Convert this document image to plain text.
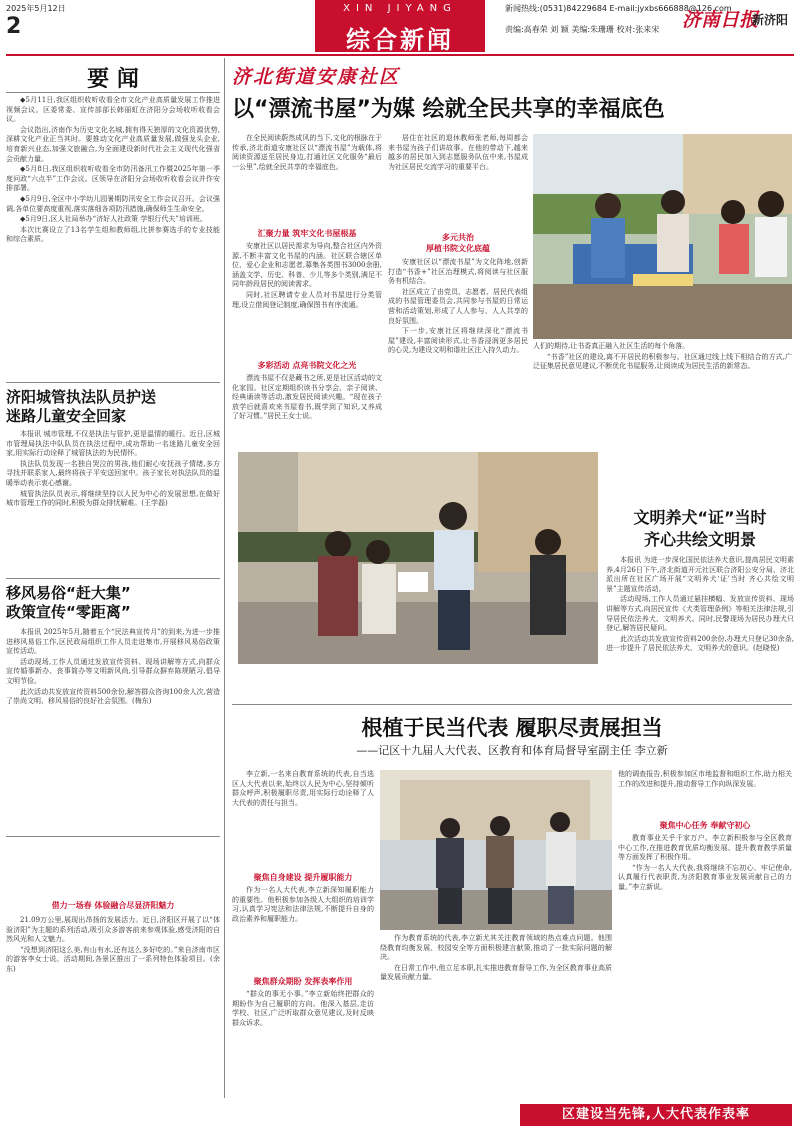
2025年5月12日
2
XIN JIYANG
综合新闻
新闻热线:(0531)84229684 E-mail:jyxbs666888@126.com
责编:高春荣 刘 颖 美编:朱珊珊 校对:张来宋 济南日报
新济阳
要 闻

◆5月11日,我区组织收听收看全市文化产业高质量发展工作推进视频会议。区委常委、宣传部部长韩丽虹在济阳分会场收听收看会议。

会议指出,济南作为历史文化名城,拥有得天独厚的文化资源优势,深耕文化产业正当其时。要推动文化产业高质量发展,做强龙头企业,培育新兴业态,加强文旅融合,为全面建设新时代社会主义现代化强省会贡献力量。

◆5月8日,我区组织收听收看全市防汛备汛工作暨2025年第一季度问政“六点半”工作会议。区领导在济阳分会场收听收看会议并作安排部署。

◆5月9日,全区中小学幼儿园暑期防汛安全工作会议召开。会议强调,各单位要高度重视,落实落细各项防汛措施,确保师生生命安全。

◆5月9日,区人社局举办“济好人社政策 学银行代夫”培训班。

本次比赛设立了13名学生组和教师组,比拼参赛选手的专业技能和综合素质。

济阳城管执法队员护送
迷路儿童安全回家

本报讯 城市管理,不仅是执法与管护,更是温情的暖行。近日,区城市管理局执法中队队员在执法过程中,成功帮助一名迷路儿童安全回家,用实际行动诠释了城管执法的为民情怀。

执法队员发现一名独自哭泣的男孩,他们耐心安抚孩子情绪,多方寻找并联系家人,最终将孩子平安送回家中。孩子家长对执法队员的温暖举动表示衷心感谢。

城管执法队员表示,将继续坚持以人民为中心的发展思想,在做好城市管理工作的同时,积极为群众排忧解难。(王学磊)

移风易俗“赶大集”
政策宣传“零距离”

本报讯 2025年5月,随着五个“民法典宣传月”的到来,为进一步推进移风易俗工作,区民政局组织工作人员走进集市,开展移风易俗政策宣传活动。

活动现场,工作人员通过发放宣传资料、现场讲解等方式,向群众宣传婚事新办、丧事简办等文明新风尚,引导群众摒弃陈规陋习,倡导文明节俭。

此次活动共发放宣传资料500余份,解答群众咨询100余人次,营造了崇尚文明、移风易俗的良好社会氛围。(梅东)

借力一场春 体验融合尽显济阳魅力

21.09万公里,展现出昂扬的发展活力。近日,济阳区开展了以“体验济阳”为主题的系列活动,吸引众多游客前来参观体验,感受济阳的自然风光和人文魅力。

“没想到济阳这么美,有山有水,还有这么多好吃的。”来自济南市区的游客李女士说。活动期间,各景区推出了一系列特色体验项目。(余东)

济北街道安康社区
以“漂流书屋”为媒 绘就全民共享的幸福底色

在全民阅读蔚然成风的当下,文化的根脉在于传承,济北街道安康社区以“漂流书屋”为载体,将阅读资源送至居民身边,打通社区文化服务“最后一公里”,绘就全民共享的幸福底色。

汇聚力量 筑牢文化书屋根基

安康社区以居民需求为导向,整合社区内外资源,不断丰富文化书屋的内涵。社区联合辖区单位、爱心企业和志愿者,募集各类图书3000余册,涵盖文学、历史、科普、少儿等多个类别,满足不同年龄段居民的阅读需求。

同时,社区聘请专业人员对书屋进行分类管理,设立借阅登记制度,确保图书有序流通。

多彩活动 点亮书院文化之光

漂流书屋不仅是藏书之所,更是社区活动的文化家园。社区定期组织读书分享会、亲子阅读、经典诵读等活动,激发居民阅读兴趣。“现在孩子放学后就喜欢来书屋看书,既学到了知识,又养成了好习惯。”居民王女士说。

居住在社区的退休教师张老师,每周都会来书屋为孩子们讲故事。在他的带动下,越来越多的居民加入到志愿服务队伍中来,书屋成为社区居民交流学习的重要平台。

多元共治
厚植书院文化底蕴

安康社区以“漂流书屋”为文化阵地,创新打造“书香+”社区治理模式,将阅读与社区服务有机结合。

社区成立了由党员、志愿者、居民代表组成的书屋管理委员会,共同参与书屋的日常运营和活动策划,形成了人人参与、人人共享的良好氛围。

下一步,安康社区将继续深化“漂流书屋”建设,丰富阅读形式,让书香浸润更多居民的心灵,为建设文明和谐社区注入持久动力。

人们的期待,让书香真正融入社区生活的每个角落。

“书香”社区的建设,离不开居民的积极参与。社区通过线上线下相结合的方式,广泛征集居民意见建议,不断优化书屋服务,让阅读成为居民生活的新常态。

文明养犬“证”当时
齐心共绘文明景

本报讯 为进一步深化国民依法养犬意识,提高居民文明素养,4月26日下午,济北街道开元社区联合济阳公安分局、济北派出所在社区广场开展“文明养犬‘证’当时 齐心共绘文明景”主题宣传活动。

活动现场,工作人员通过悬挂横幅、发放宣传资料、现场讲解等方式,向居民宣传《犬类管理条例》等相关法律法规,引导居民依法养犬、文明养犬。同时,民警现场为居民办理犬只登记,解答居民疑问。

此次活动共发放宣传资料200余份,办理犬只登记30余条,进一步提升了居民依法养犬、文明养犬的意识。(赵晓悦)

根植于民当代表 履职尽责展担当
——记区十九届人大代表、区教育和体育局督导室副主任 李立新

李立新,一名来自教育系统的代表,自当选区人大代表以来,始终以人民为中心,坚持倾听群众呼声,积极履职尽责,用实际行动诠释了人大代表的责任与担当。

聚焦自身建设 提升履职能力

作为一名人大代表,李立新深知履职能力的重要性。他积极参加各级人大组织的培训学习,认真学习宪法和法律法规,不断提升自身的政治素养和履职能力。

聚焦群众期盼 发挥表率作用

“群众的事无小事。”李立新始终把群众的期盼作为自己履职的方向。他深入基层,走访学校、社区,广泛听取群众意见建议,及时反映群众诉求。

作为教育系统的代表,李立新尤其关注教育领域的热点难点问题。他围绕教育均衡发展、校园安全等方面积极建言献策,推动了一批实际问题的解决。

在日常工作中,他立足本职,扎实推进教育督导工作,为全区教育事业高质量发展贡献力量。

他的调查报告,积极参加区市地监督和组织工作,助力相关工作的改进和提升,推动督导工作向纵深发展。

聚焦中心任务 奉献守初心

教育事业关乎千家万户。李立新积极参与全区教育中心工作,在推进教育优质均衡发展、提升教育教学质量等方面发挥了积极作用。

“作为一名人大代表,我将继续不忘初心、牢记使命,认真履行代表职责,为济阳教育事业发展贡献自己的力量。”李立新说。

区建设当先锋,人大代表作表率
